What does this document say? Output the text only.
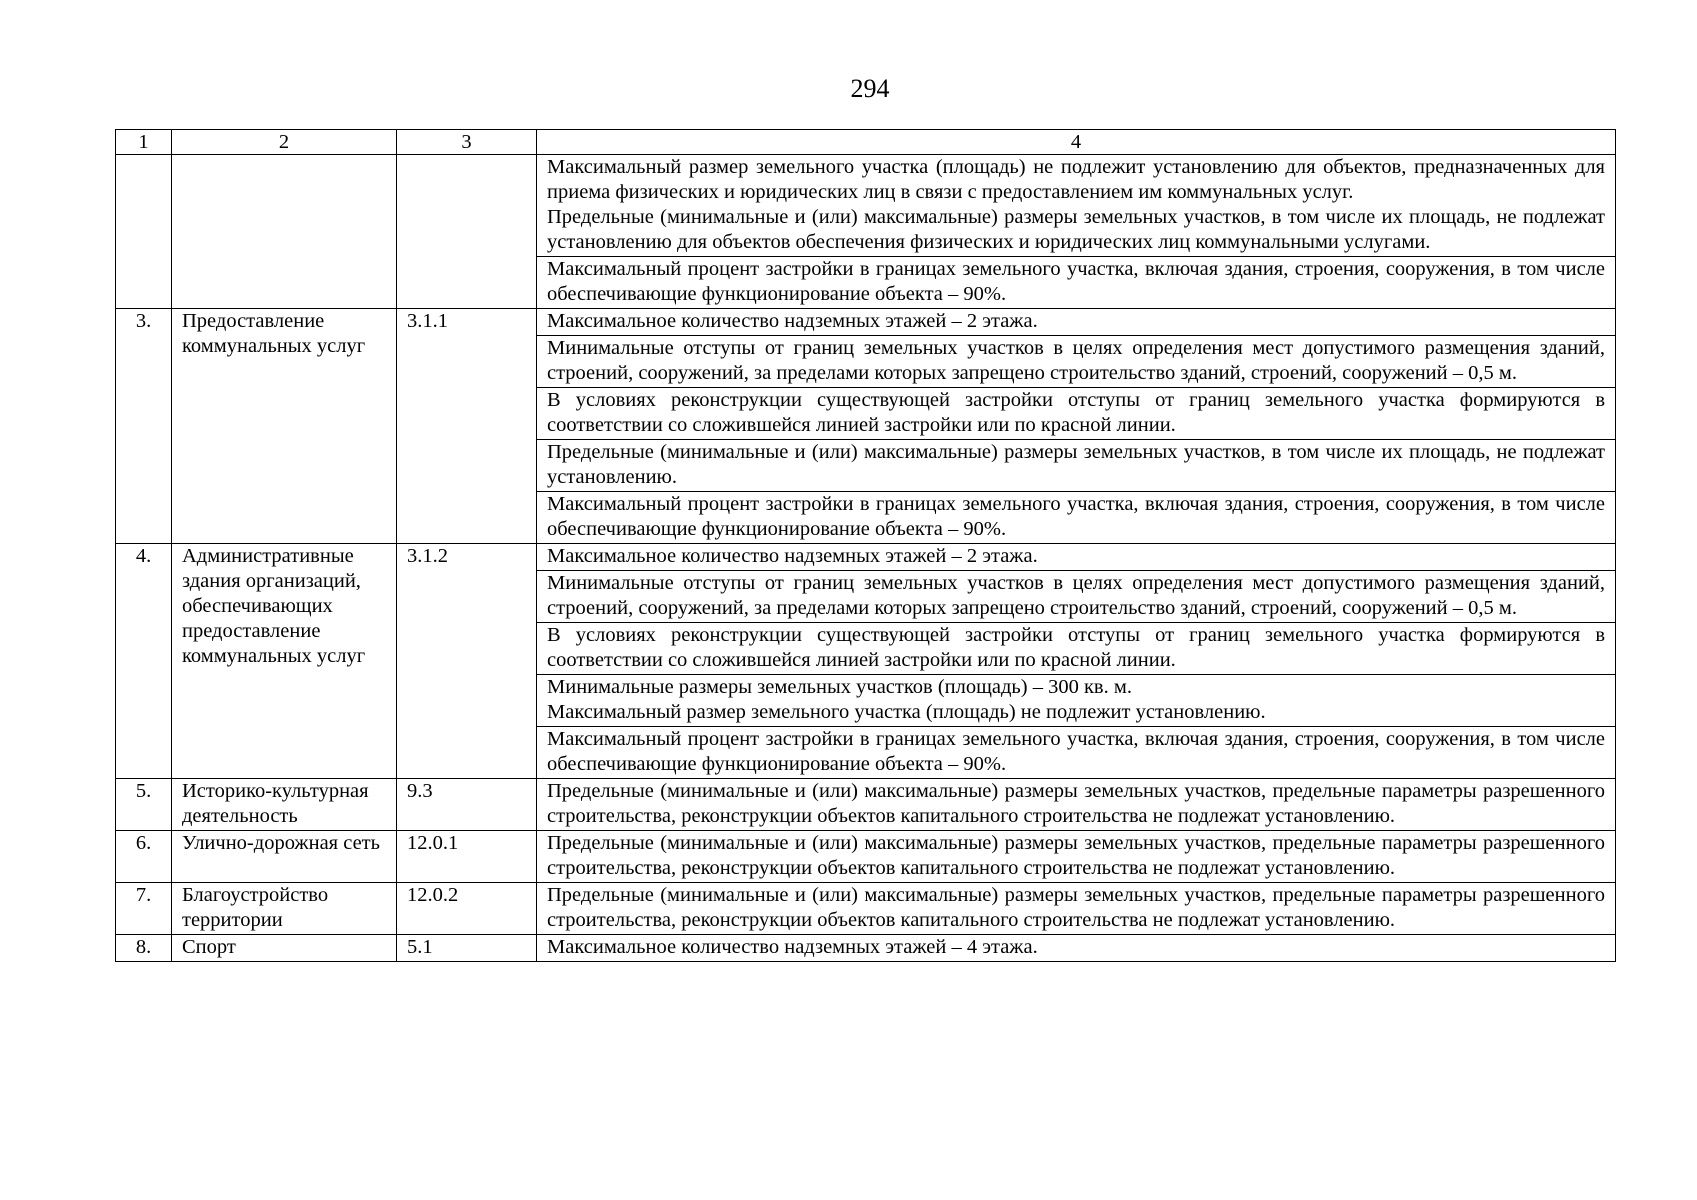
294
1	2	3	4

			Максимальный размер земельного участка (площадь) не подлежит установлению для объектов, предназначенных для приема физических и юридических лиц в связи с предоставлением им коммунальных услуг.
Предельные (минимальные и (или) максимальные) размеры земельных участков, в том числе их площадь, не подлежат установлению для объектов обеспечения физических и юридических лиц коммунальными услугами.

			Максимальный процент застройки в границах земельного участка, включая здания, строения, сооружения, в том числе обеспечивающие функционирование объекта – 90%.

3.	Предоставление коммунальных услуг	3.1.1	Максимальное количество надземных этажей – 2 этажа.

			Минимальные отступы от границ земельных участков в целях определения мест допустимого размещения зданий, строений, сооружений, за пределами которых запрещено строительство зданий, строений, сооружений – 0,5 м.

			В условиях реконструкции существующей застройки отступы от границ земельного участка формируются в соответствии со сложившейся линией застройки или по красной линии.

			Предельные (минимальные и (или) максимальные) размеры земельных участков, в том числе их площадь, не подлежат установлению.

			Максимальный процент застройки в границах земельного участка, включая здания, строения, сооружения, в том числе обеспечивающие функционирование объекта – 90%.

4.	Административные здания организаций, обеспечивающих предоставление коммунальных услуг	3.1.2	Максимальное количество надземных этажей – 2 этажа.

			Минимальные отступы от границ земельных участков в целях определения мест допустимого размещения зданий, строений, сооружений, за пределами которых запрещено строительство зданий, строений, сооружений – 0,5 м.

			В условиях реконструкции существующей застройки отступы от границ земельного участка формируются в соответствии со сложившейся линией застройки или по красной линии.

			Минимальные размеры земельных участков (площадь) – 300 кв. м.
Максимальный размер земельного участка (площадь) не подлежит установлению.

			Максимальный процент застройки в границах земельного участка, включая здания, строения, сооружения, в том числе обеспечивающие функционирование объекта – 90%.

5.	Историко-культурная деятельность	9.3	Предельные (минимальные и (или) максимальные) размеры земельных участков, предельные параметры разрешенного строительства, реконструкции объектов капитального строительства не подлежат установлению.

6.	Улично-дорожная сеть	12.0.1	Предельные (минимальные и (или) максимальные) размеры земельных участков, предельные параметры разрешенного строительства, реконструкции объектов капитального строительства не подлежат установлению.

7.	Благоустройство территории	12.0.2	Предельные (минимальные и (или) максимальные) размеры земельных участков, предельные параметры разрешенного строительства, реконструкции объектов капитального строительства не подлежат установлению.

8.	Спорт	5.1	Максимальное количество надземных этажей – 4 этажа.
